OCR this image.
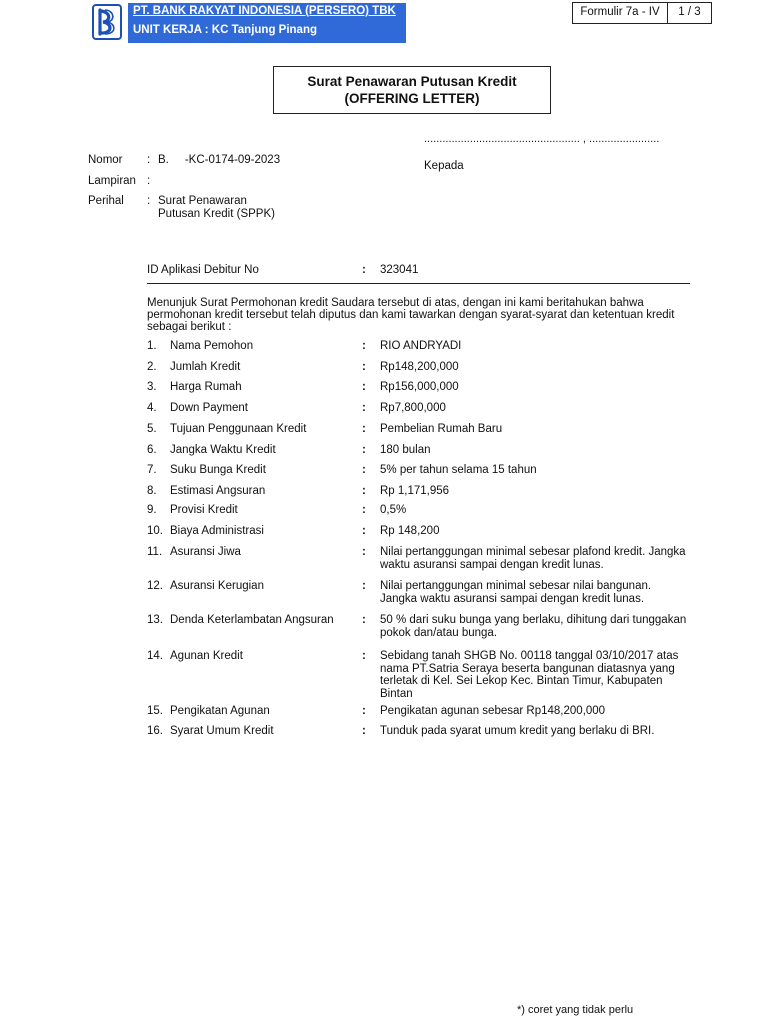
PT. BANK RAKYAT INDONESIA (PERSERO) TBK
UNIT KERJA : KC Tanjung Pinang
Formulir 7a - IV	1 / 3
Surat Penawaran Putusan Kredit
(OFFERING LETTER)
................................................... , .......................
Kepada
Nomor : B.     -KC-0174-09-2023
Lampiran :
Perihal : Surat Penawaran
Putusan Kredit (SPPK)
ID Aplikasi Debitur No	: 323041
Menunjuk Surat Permohonan kredit Saudara tersebut di atas, dengan ini kami beritahukan bahwa permohonan kredit tersebut telah diputus dan kami tawarkan dengan syarat-syarat dan ketentuan kredit sebagai berikut :
1. Nama Pemohon	: RIO ANDRYADI
2. Jumlah Kredit	: Rp148,200,000
3. Harga Rumah	: Rp156,000,000
4. Down Payment	: Rp7,800,000
5. Tujuan Penggunaan Kredit	: Pembelian Rumah Baru
6. Jangka Waktu Kredit	: 180 bulan
7. Suku Bunga Kredit	: 5% per tahun selama 15 tahun
8. Estimasi Angsuran	: Rp 1,171,956
9. Provisi Kredit	: 0,5%
10. Biaya Administrasi	: Rp 148,200
11. Asuransi Jiwa	: Nilai pertanggungan minimal sebesar plafond kredit. Jangka
waktu asuransi sampai dengan kredit lunas.
12. Asuransi Kerugian	: Nilai pertanggungan minimal sebesar nilai bangunan.
Jangka waktu asuransi sampai dengan kredit lunas.
13. Denda Keterlambatan Angsuran : 50 % dari suku bunga yang berlaku, dihitung dari tunggakan
pokok dan/atau bunga.
14. Agunan Kredit	: Sebidang tanah SHGB No. 00118 tanggal 03/10/2017 atas
nama PT.Satria Seraya beserta bangunan diatasnya yang
terletak di Kel. Sei Lekop Kec. Bintan Timur, Kabupaten
Bintan
15. Pengikatan Agunan	: Pengikatan agunan sebesar Rp148,200,000
16. Syarat Umum Kredit	: Tunduk pada syarat umum kredit yang berlaku di BRI.
*) coret yang tidak perlu
